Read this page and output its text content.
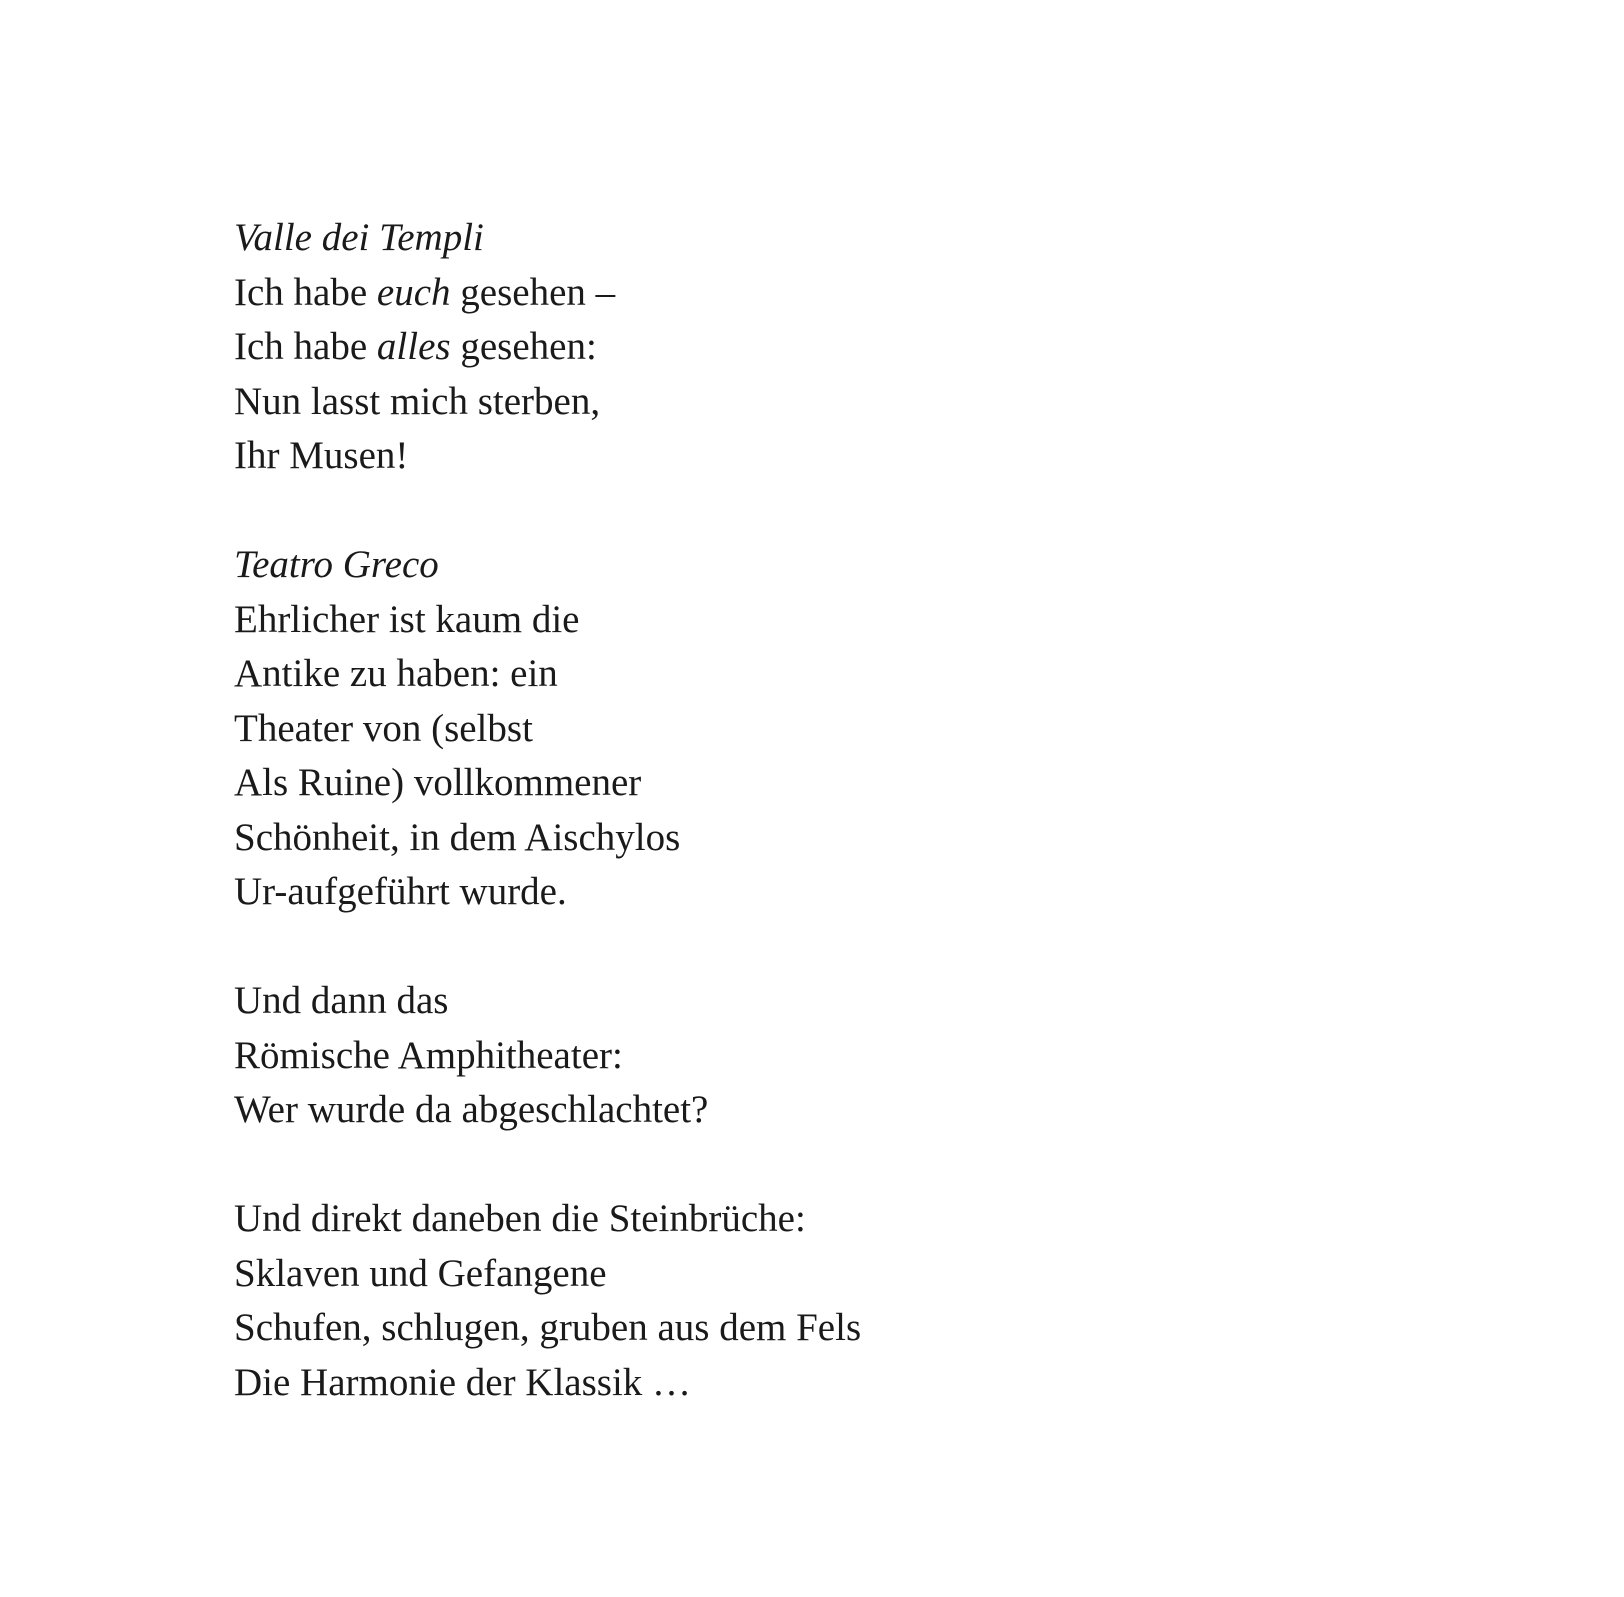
Valle dei Templi
Ich habe euch gesehen –
Ich habe alles gesehen:
Nun lasst mich sterben,
Ihr Musen!
Teatro Greco
Ehrlicher ist kaum die
Antike zu haben: ein
Theater von (selbst
Als Ruine) vollkommener
Schönheit, in dem Aischylos
Ur-aufgeführt wurde.
Und dann das
Römische Amphitheater:
Wer wurde da abgeschlachtet?
Und direkt daneben die Steinbrüche:
Sklaven und Gefangene
Schufen, schlugen, gruben aus dem Fels
Die Harmonie der Klassik …
